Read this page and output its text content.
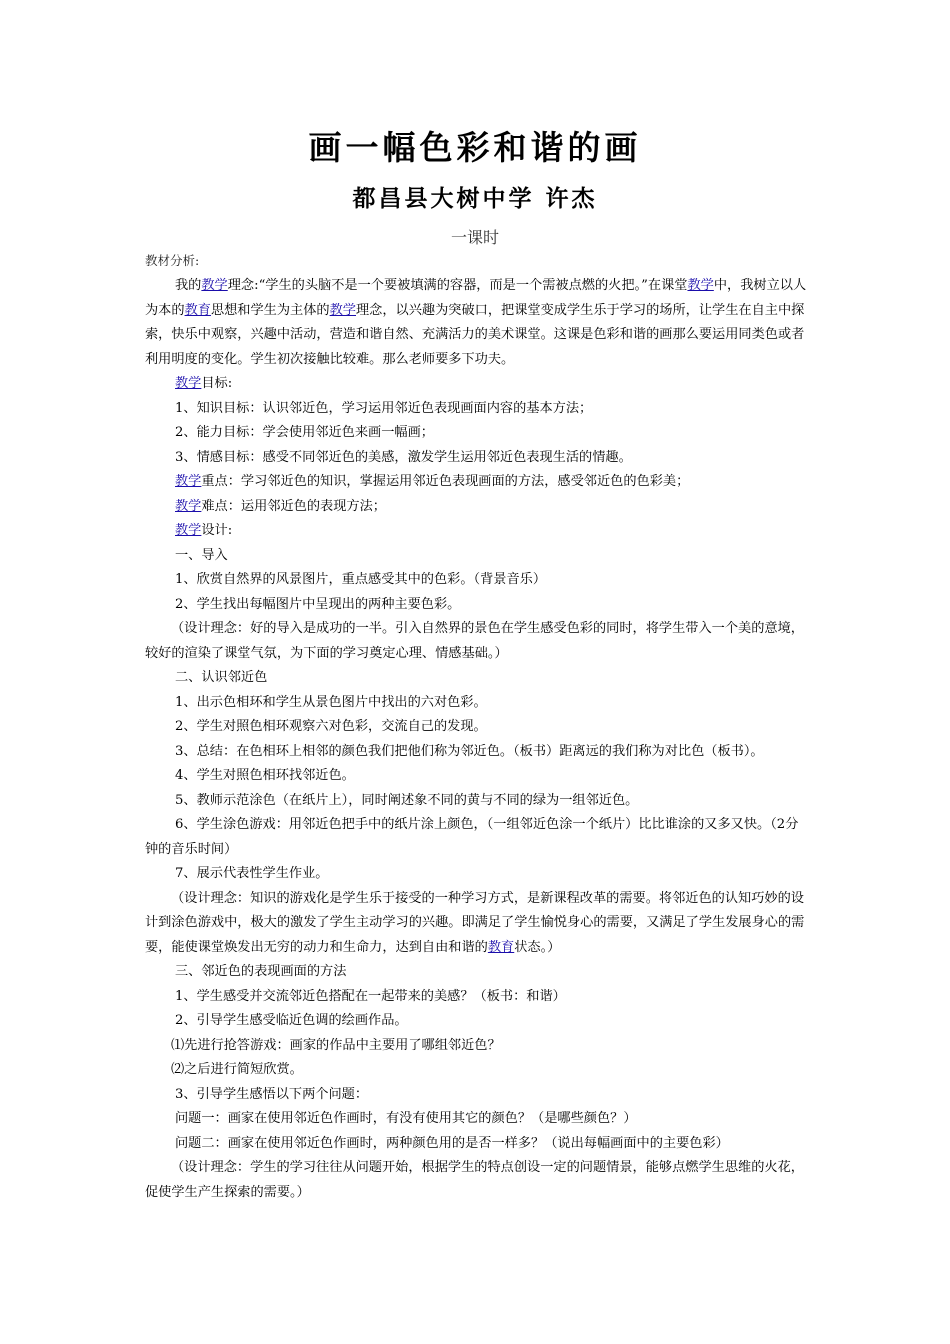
画一幅色彩和谐的画
都昌县大树中学 许杰
一课时
教材分析:

我的教学理念:“学生的头脑不是一个要被填满的容器，而是一个需被点燃的火把。”在课堂教学中，我树立以人为本的教育思想和学生为主体的教学理念，以兴趣为突破口，把课堂变成学生乐于学习的场所，让学生在自主中探索，快乐中观察，兴趣中活动，营造和谐自然、充满活力的美术课堂。这课是色彩和谐的画那么要运用同类色或者利用明度的变化。学生初次接触比较难。那么老师要多下功夫。

教学目标:

1、知识目标：认识邻近色，学习运用邻近色表现画面内容的基本方法；

2、能力目标：学会使用邻近色来画一幅画；

3、情感目标：感受不同邻近色的美感，激发学生运用邻近色表现生活的情趣。

教学重点：学习邻近色的知识，掌握运用邻近色表现画面的方法，感受邻近色的色彩美；

教学难点：运用邻近色的表现方法；

教学设计:

一、导入

1、欣赏自然界的风景图片，重点感受其中的色彩。（背景音乐）

2、学生找出每幅图片中呈现出的两种主要色彩。

（设计理念：好的导入是成功的一半。引入自然界的景色在学生感受色彩的同时，将学生带入一个美的意境，较好的渲染了课堂气氛，为下面的学习奠定心理、情感基础。）

二、认识邻近色

1、出示色相环和学生从景色图片中找出的六对色彩。

2、学生对照色相环观察六对色彩，交流自己的发现。

3、总结：在色相环上相邻的颜色我们把他们称为邻近色。（板书）距离远的我们称为对比色（板书）。

4、学生对照色相环找邻近色。

5、教师示范涂色（在纸片上），同时阐述象不同的黄与不同的绿为一组邻近色。

6、学生涂色游戏：用邻近色把手中的纸片涂上颜色，（一组邻近色涂一个纸片）比比谁涂的又多又快。（2分钟的音乐时间）

7、展示代表性学生作业。

（设计理念：知识的游戏化是学生乐于接受的一种学习方式，是新课程改革的需要。将邻近色的认知巧妙的设计到涂色游戏中，极大的激发了学生主动学习的兴趣。即满足了学生愉悦身心的需要，又满足了学生发展身心的需要，能使课堂焕发出无穷的动力和生命力，达到自由和谐的教育状态。）

三、邻近色的表现画面的方法

1、学生感受并交流邻近色搭配在一起带来的美感？（板书：和谐）

2、引导学生感受临近色调的绘画作品。

⑴先进行抢答游戏：画家的作品中主要用了哪组邻近色？

⑵之后进行简短欣赏。

3、引导学生感悟以下两个问题：

问题一：画家在使用邻近色作画时，有没有使用其它的颜色？（是哪些颜色？）

问题二：画家在使用邻近色作画时，两种颜色用的是否一样多？（说出每幅画面中的主要色彩）

（设计理念：学生的学习往往从问题开始，根据学生的特点创设一定的问题情景，能够点燃学生思维的火花，促使学生产生探索的需要。）
